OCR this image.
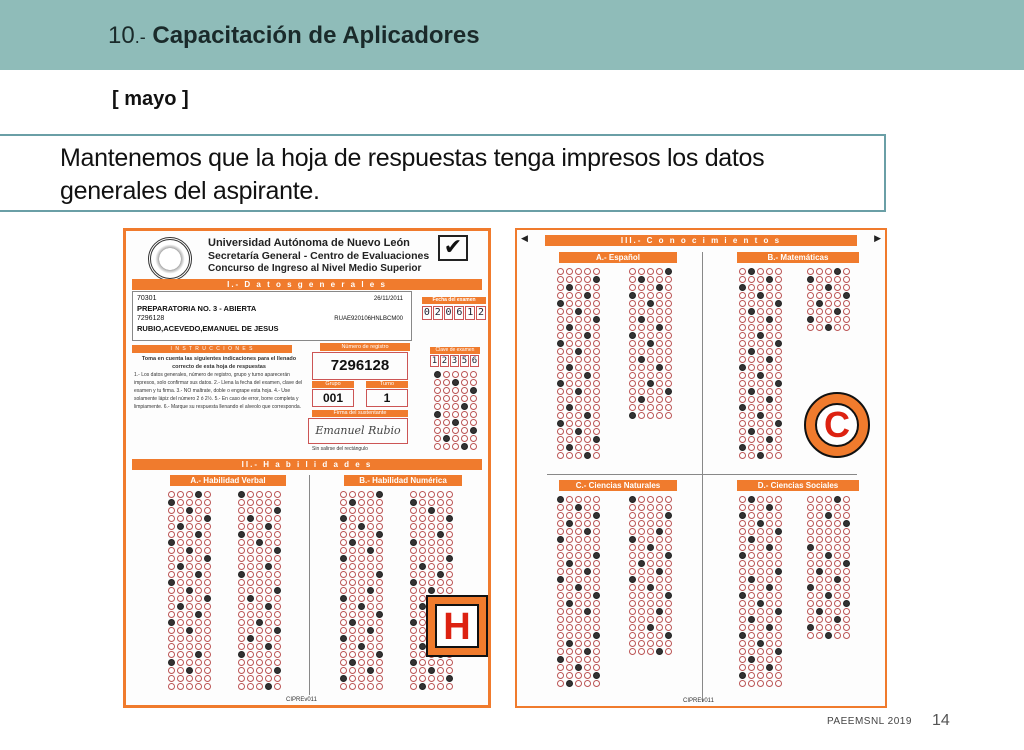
10.- Capacitación de Aplicadores
[ mayo ]
Mantenemos que la hoja de respuestas tenga impresos los datos generales del aspirante.
Universidad Autónoma de Nuevo León
Secretaría General - Centro de Evaluaciones
Concurso de Ingreso al Nivel Medio Superior
✔
I.- D a t o s g e n e r a l e s
70301	26/11/2011
PREPARATORIA NO. 3 - ABIERTA
7296128	RUAE920106HNLBCM00
RUBIO,ACEVEDO,EMANUEL DE JESUS
Fecha del examen
0 2 0 6 1 2
I N S T R U C C I O N E S
Toma en cuenta las siguientes indicaciones para el llenado correcto de esta hoja de respuestas
1.- Los datos generales, número de registro, grupo y turno aparecerán impresos, solo confirmar sus datos. 2.- Llena la fecha del examen, clave del examen y tu firma. 3.- NO maltrate, doble o engrape esta hoja. 4.- Use solamente lápiz del número 2 ó 2½. 5.- En caso de error, borre completa y limpiamente. 6.- Marque su respuesta llenando el alveolo que corresponda.
Número de registro
7296128
Grupo
001
Turno
1
Firma del sustentante
Emanuel Rubio
Sin salirse del rectángulo
Clave de examen
1 2 3 5 6
II.- H a b i l i d a d e s
A.- Habilidad Verbal	B.- Habilidad Numérica
H
CIPREv011
◀	▶
III.- C o n o c i m i e n t o s
A.- Español	B.- Matemáticas
C.- Ciencias Naturales	D.- Ciencias Sociales
C
CIPREv011
PAEEMSNL 2019 14
